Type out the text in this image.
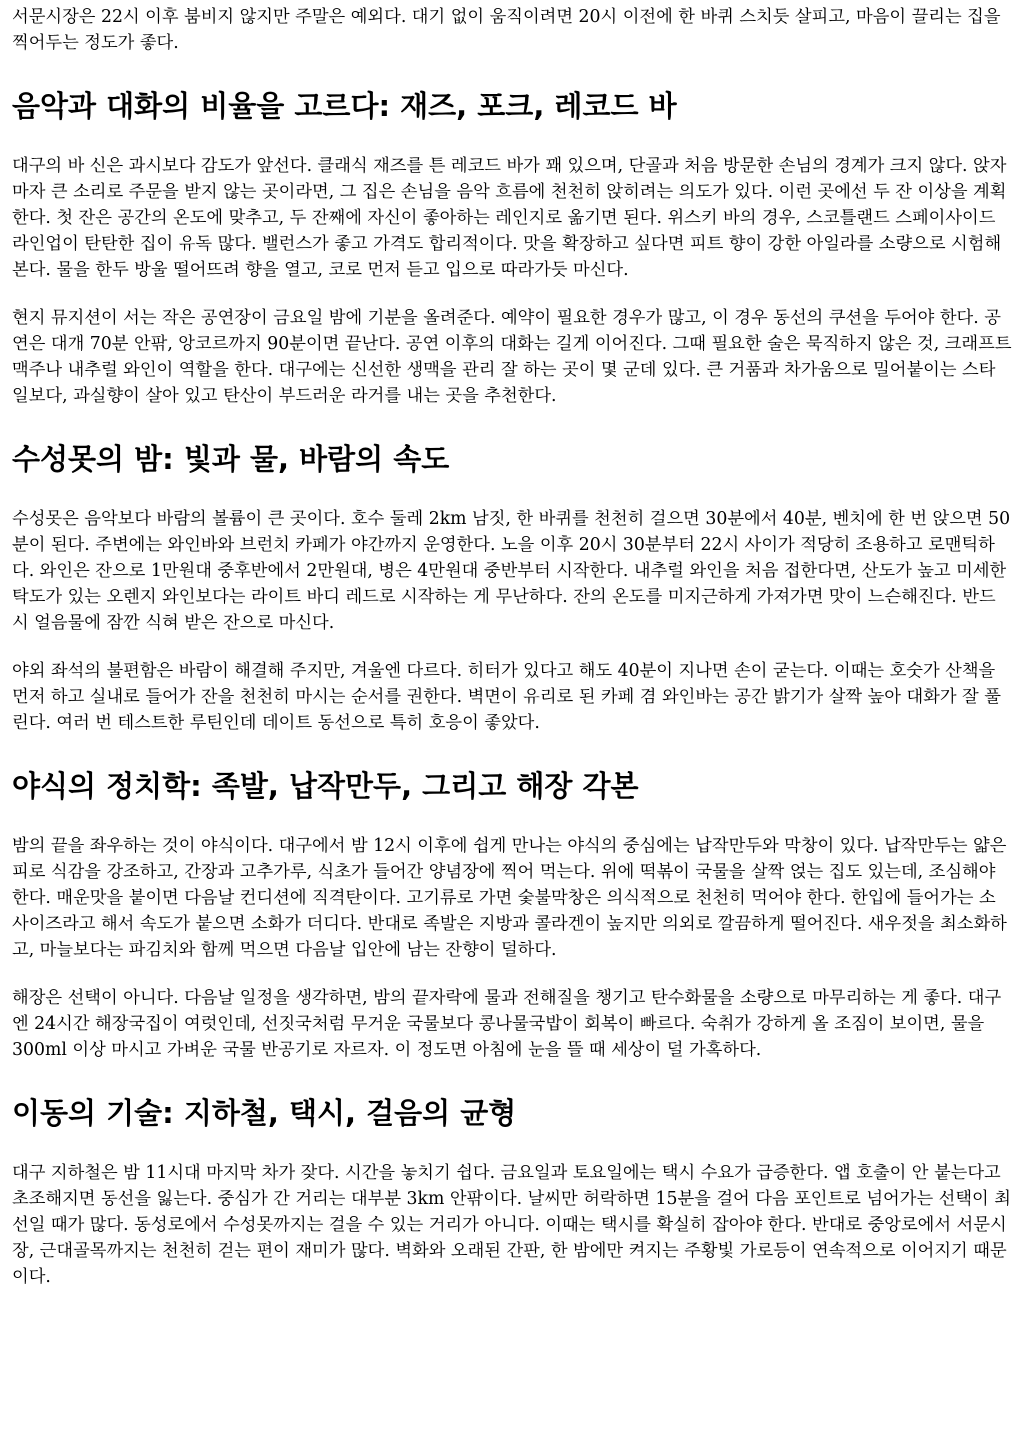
서문시장은 22시 이후 붐비지 않지만 주말은 예외다. 대기 없이 움직이려면 20시 이전에 한 바퀴 스치듯 살피고, 마음이 끌리는 집을 찍어두는 정도가 좋다.

음악과 대화의 비율을 고르다: 재즈, 포크, 레코드 바

대구의 바 신은 과시보다 감도가 앞선다. 클래식 재즈를 튼 레코드 바가 꽤 있으며, 단골과 처음 방문한 손님의 경계가 크지 않다. 앉자마자 큰 소리로 주문을 받지 않는 곳이라면, 그 집은 손님을 음악 흐름에 천천히 앉히려는 의도가 있다. 이런 곳에선 두 잔 이상을 계획한다. 첫 잔은 공간의 온도에 맞추고, 두 잔째에 자신이 좋아하는 레인지로 옮기면 된다. 위스키 바의 경우, 스코틀랜드 스페이사이드 라인업이 탄탄한 집이 유독 많다. 밸런스가 좋고 가격도 합리적이다. 맛을 확장하고 싶다면 피트 향이 강한 아일라를 소량으로 시험해 본다. 물을 한두 방울 떨어뜨려 향을 열고, 코로 먼저 듣고 입으로 따라가듯 마신다.

현지 뮤지션이 서는 작은 공연장이 금요일 밤에 기분을 올려준다. 예약이 필요한 경우가 많고, 이 경우 동선의 쿠션을 두어야 한다. 공연은 대개 70분 안팎, 앙코르까지 90분이면 끝난다. 공연 이후의 대화는 길게 이어진다. 그때 필요한 술은 묵직하지 않은 것, 크래프트 맥주나 내추럴 와인이 역할을 한다. 대구에는 신선한 생맥을 관리 잘 하는 곳이 몇 군데 있다. 큰 거품과 차가움으로 밀어붙이는 스타일보다, 과실향이 살아 있고 탄산이 부드러운 라거를 내는 곳을 추천한다.

수성못의 밤: 빛과 물, 바람의 속도

수성못은 음악보다 바람의 볼륨이 큰 곳이다. 호수 둘레 2km 남짓, 한 바퀴를 천천히 걸으면 30분에서 40분, 벤치에 한 번 앉으면 50분이 된다. 주변에는 와인바와 브런치 카페가 야간까지 운영한다. 노을 이후 20시 30분부터 22시 사이가 적당히 조용하고 로맨틱하다. 와인은 잔으로 1만원대 중후반에서 2만원대, 병은 4만원대 중반부터 시작한다. 내추럴 와인을 처음 접한다면, 산도가 높고 미세한 탁도가 있는 오렌지 와인보다는 라이트 바디 레드로 시작하는 게 무난하다. 잔의 온도를 미지근하게 가져가면 맛이 느슨해진다. 반드시 얼음물에 잠깐 식혀 받은 잔으로 마신다.

야외 좌석의 불편함은 바람이 해결해 주지만, 겨울엔 다르다. 히터가 있다고 해도 40분이 지나면 손이 굳는다. 이때는 호숫가 산책을 먼저 하고 실내로 들어가 잔을 천천히 마시는 순서를 권한다. 벽면이 유리로 된 카페 겸 와인바는 공간 밝기가 살짝 높아 대화가 잘 풀린다. 여러 번 테스트한 루틴인데 데이트 동선으로 특히 호응이 좋았다.

야식의 정치학: 족발, 납작만두, 그리고 해장 각본

밤의 끝을 좌우하는 것이 야식이다. 대구에서 밤 12시 이후에 쉽게 만나는 야식의 중심에는 납작만두와 막창이 있다. 납작만두는 얇은 피로 식감을 강조하고, 간장과 고추가루, 식초가 들어간 양념장에 찍어 먹는다. 위에 떡볶이 국물을 살짝 얹는 집도 있는데, 조심해야 한다. 매운맛을 붙이면 다음날 컨디션에 직격탄이다. 고기류로 가면 숯불막창은 의식적으로 천천히 먹어야 한다. 한입에 들어가는 소 사이즈라고 해서 속도가 붙으면 소화가 더디다. 반대로 족발은 지방과 콜라겐이 높지만 의외로 깔끔하게 떨어진다. 새우젓을 최소화하고, 마늘보다는 파김치와 함께 먹으면 다음날 입안에 남는 잔향이 덜하다.

해장은 선택이 아니다. 다음날 일정을 생각하면, 밤의 끝자락에 물과 전해질을 챙기고 탄수화물을 소량으로 마무리하는 게 좋다. 대구엔 24시간 해장국집이 여럿인데, 선짓국처럼 무거운 국물보다 콩나물국밥이 회복이 빠르다. 숙취가 강하게 올 조짐이 보이면, 물을 300ml 이상 마시고 가벼운 국물 반공기로 자르자. 이 정도면 아침에 눈을 뜰 때 세상이 덜 가혹하다.

이동의 기술: 지하철, 택시, 걸음의 균형

대구 지하철은 밤 11시대 마지막 차가 잦다. 시간을 놓치기 쉽다. 금요일과 토요일에는 택시 수요가 급증한다. 앱 호출이 안 붙는다고 초조해지면 동선을 잃는다. 중심가 간 거리는 대부분 3km 안팎이다. 날씨만 허락하면 15분을 걸어 다음 포인트로 넘어가는 선택이 최선일 때가 많다. 동성로에서 수성못까지는 걸을 수 있는 거리가 아니다. 이때는 택시를 확실히 잡아야 한다. 반대로 중앙로에서 서문시장, 근대골목까지는 천천히 걷는 편이 재미가 많다. 벽화와 오래된 간판, 한 밤에만 켜지는 주황빛 가로등이 연속적으로 이어지기 때문이다.
